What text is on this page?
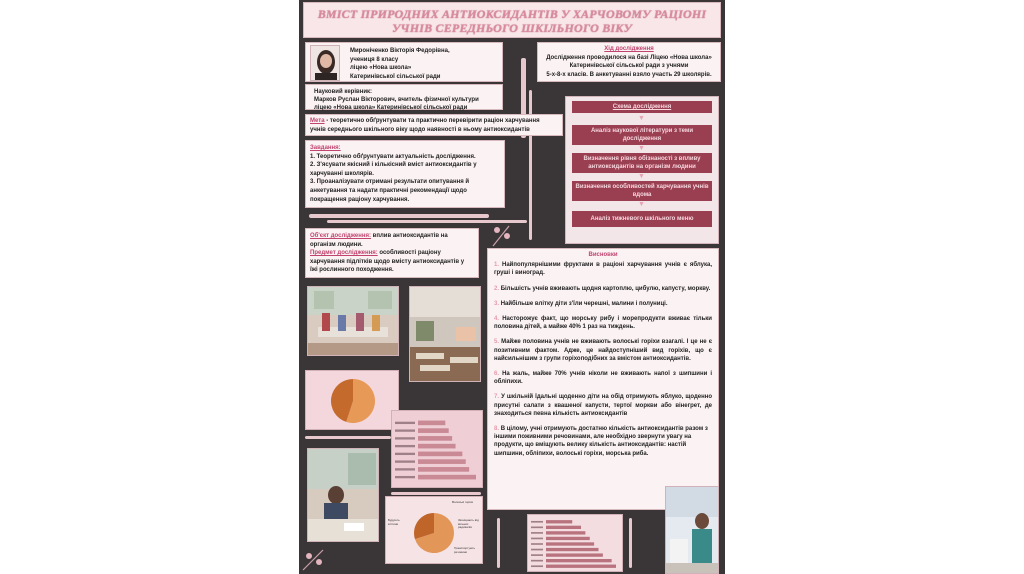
ВМІСТ ПРИРОДНИХ АНТИОКСИДАНТІВ У ХАРЧОВОМУ РАЦІОНІ
УЧНІВ СЕРЕДНЬОГО ШКІЛЬНОГО ВІКУ
Мироніченко Вікторія Федорівна,
учениця 8 класу
ліцею «Нова школа»
Катеринівської сільської ради
Науковий керівник:
Марков Руслан Вікторович, вчитель фізичної культури
ліцею «Нова школа» Катеринівської сільської ради
Хід дослідження
Дослідження проводилося на базі Ліцею «Нова школа»
Катеринівської сільської ради з учнями
5-х-8-х класів. В анкетуванні взяло участь 29 школярів.
Мета - теоретично обґрунтувати та практично перевірити раціон харчування
учнів середнього шкільного віку щодо наявності в ньому антиоксидантів
Завдання:
1. Теоретично обґрунтувати актуальність дослідження.
2. З'ясувати якісний і кількісний вміст антиоксидантів у
харчуванні школярів.
3. Проаналізувати отримані результати опитування й
анкетування та надати практичні рекомендації щодо
покращення раціону харчування.
Схема дослідження
▼
Аналіз наукової літератури з теми дослідження
▼
Визначення рівня обізнаності з впливу антиоксидантів на організм людини
▼
Визначення особливостей харчування учнів вдома
▼
Аналіз тижневого шкільного меню
Об'єкт дослідження: вплив антиоксидантів на
організм людини.
Предмет дослідження: особливості раціону
харчування підлітків щодо вмісту антиоксидантів у
їжі рослинного походження.
Висновки

1. Найпопулярнішими фруктами в раціоні харчування учнів є яблука, груші і виноград.

2. Більшість учнів вживають щодня картоплю, цибулю, капусту, моркву.

3. Найбільше влітку діти з'їли черешні, малини і полуниці.

4. Насторожує факт, що морську рибу і морепродукти вживає тільки половина дітей, а майже 40% 1 раз на тиждень.

5. Майже половина учнів не вживають волоські горіхи взагалі. І це не є позитивним фактом. Адже, це найдоступніший вид горіхів, що є найсильнішим з групи горіхоподібних за вмістом антиоксидантів.

6. На жаль, майже 70% учнів ніколи не вживають напої з шипшини і обліпихи.

7. У шкільній їдальні щоденно діти на обід отримують яблуко, щоденно присутні салати з квашеної капусти, тертої моркви або вінегрет, де знаходиться певна кількість антиоксидантів

8. В цілому, учні отримують достатню кількість антиоксидантів разом з іншими поживними речовинами, але необхідно звернути увагу на продукти, що вміщують велику кількість антиоксидантів: настій шипшини, обліпихи, волоські горіхи, морська риба.

Волоські горіхи
Будують клітини
Захищають від вільних радикалів
Транспортують речовини
